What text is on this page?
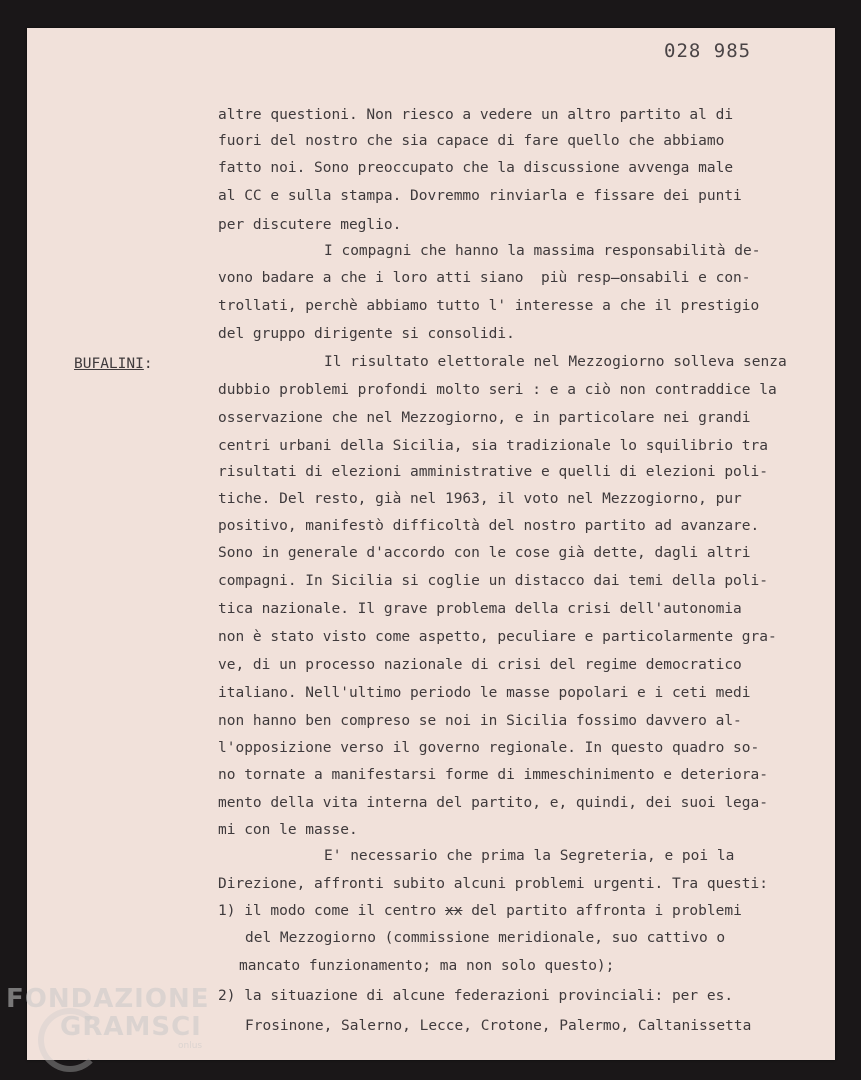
028 985
BUFALINI:
altre questioni. Non riesco a vedere un altro partito al di
fuori del nostro che sia capace di fare quello che abbiamo
fatto noi. Sono preoccupato che la discussione avvenga male
al CC e sulla stampa. Dovremmo rinviarla e fissare dei punti
per discutere meglio.
I compagni che hanno la massima responsabilità de-
vono badare a che i loro atti siano  più resp̶onsabili e con-
trollati, perchè abbiamo tutto l' interesse a che il prestigio
del gruppo dirigente si consolidi.
Il risultato elettorale nel Mezzogiorno solleva senza
dubbio problemi profondi molto seri : e a ciò non contraddice la
osservazione che nel Mezzogiorno, e in particolare nei grandi
centri urbani della Sicilia, sia tradizionale lo squilibrio tra
risultati di elezioni amministrative e quelli di elezioni poli-
tiche. Del resto, già nel 1963, il voto nel Mezzogiorno, pur
positivo, manifestò difficoltà del nostro partito ad avanzare.
Sono in generale d'accordo con le cose già dette, dagli altri
compagni. In Sicilia si coglie un distacco dai temi della poli-
tica nazionale. Il grave problema della crisi dell'autonomia
non è stato visto come aspetto, peculiare e particolarmente gra-
ve, di un processo nazionale di crisi del regime democratico
italiano. Nell'ultimo periodo le masse popolari e i ceti medi
non hanno ben compreso se noi in Sicilia fossimo davvero al-
l'opposizione verso il governo regionale. In questo quadro so-
no tornate a manifestarsi forme di immeschinimento e deteriora-
mento della vita interna del partito, e, quindi, dei suoi lega-
mi con le masse.
E' necessario che prima la Segreteria, e poi la
Direzione, affronti subito alcuni problemi urgenti. Tra questi:
1) il modo come il centro xx del partito affronta i problemi
del Mezzogiorno (commissione meridionale, suo cattivo o
mancato funzionamento; ma non solo questo);
2) la situazione di alcune federazioni provinciali: per es.
Frosinone, Salerno, Lecce, Crotone, Palermo, Caltanissetta
FONDAZIONE
GRAMSCI
onlus
